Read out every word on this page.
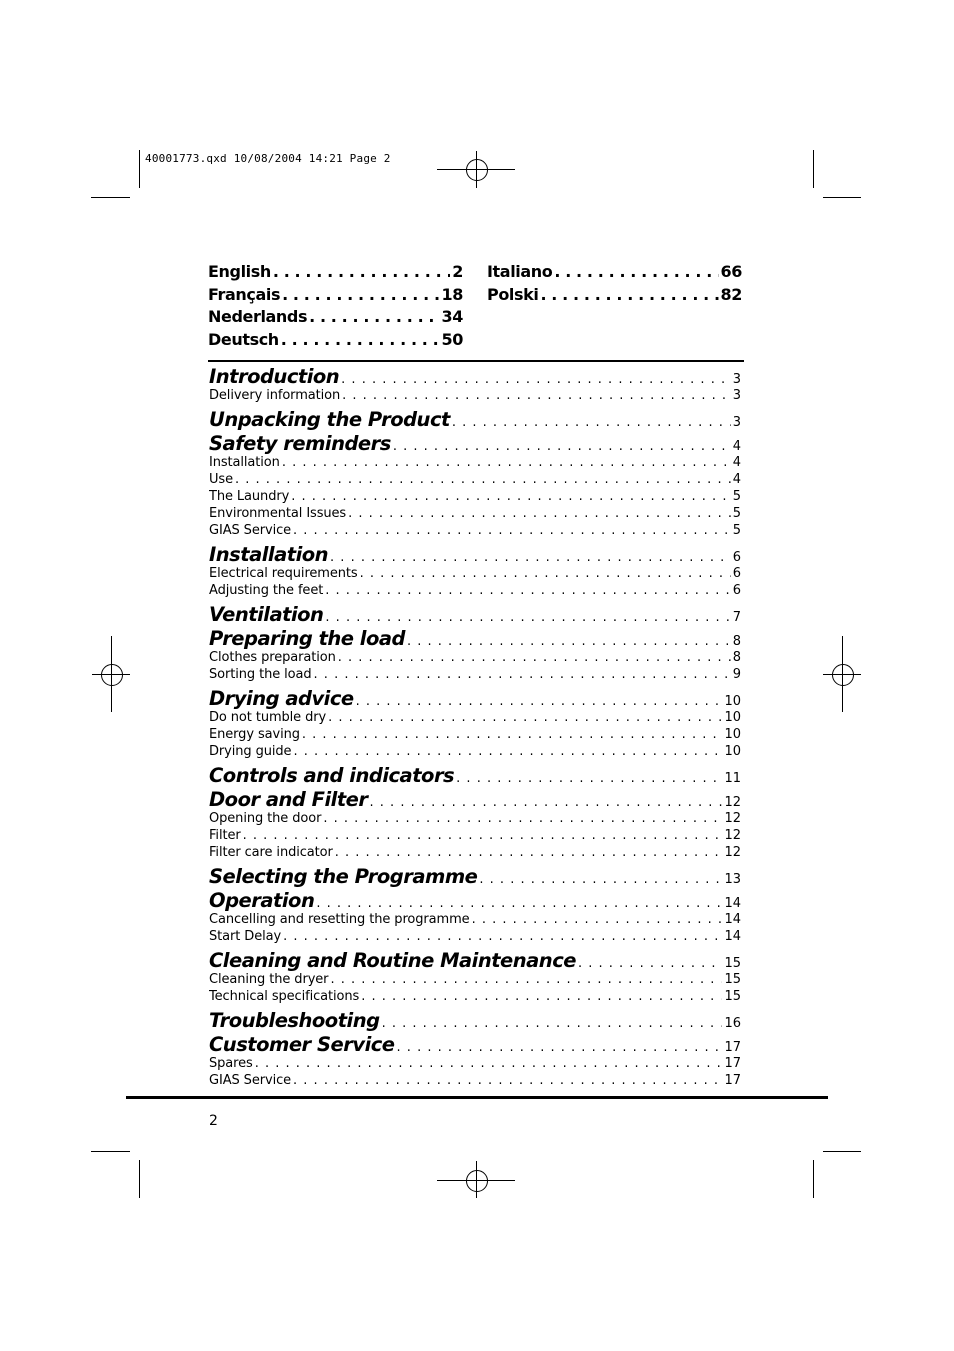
40001773.qxd 10/08/2004 14:21 Page 2
English . . .	2
Français . . .	18
Nederlands . . .	34
Deutsch . . .	50
Italiano . . .	66
Polski . . .	82
Introduction . . .	3
Delivery information . . .	3
Unpacking the Product . . .	3
Safety reminders . . .	4
Installation . . .	4
Use . . .	4
The Laundry . . .	5
Environmental Issues . . .	5
GIAS Service . . .	5
Installation . . .	6
Electrical requirements . . .	6
Adjusting the feet . . .	6
Ventilation . . .	7
Preparing the load . . .	8
Clothes preparation . . .	8
Sorting the load . . .	9
Drying advice . . .	10
Do not tumble dry . . .	10
Energy saving . . .	10
Drying guide . . .	10
Controls and indicators . . .	11
Door and Filter . . .	12
Opening the door . . .	12
Filter . . .	12
Filter care indicator . . .	12
Selecting the Programme . . .	13
Operation . . .	14
Cancelling and resetting the programme . . .	14
Start Delay . . .	14
Cleaning and Routine Maintenance . . .	15
Cleaning the dryer . . .	15
Technical specifications . . .	15
Troubleshooting . . .	16
Customer Service . . .	17
Spares . . .	17
GIAS Service . . .	17
2
